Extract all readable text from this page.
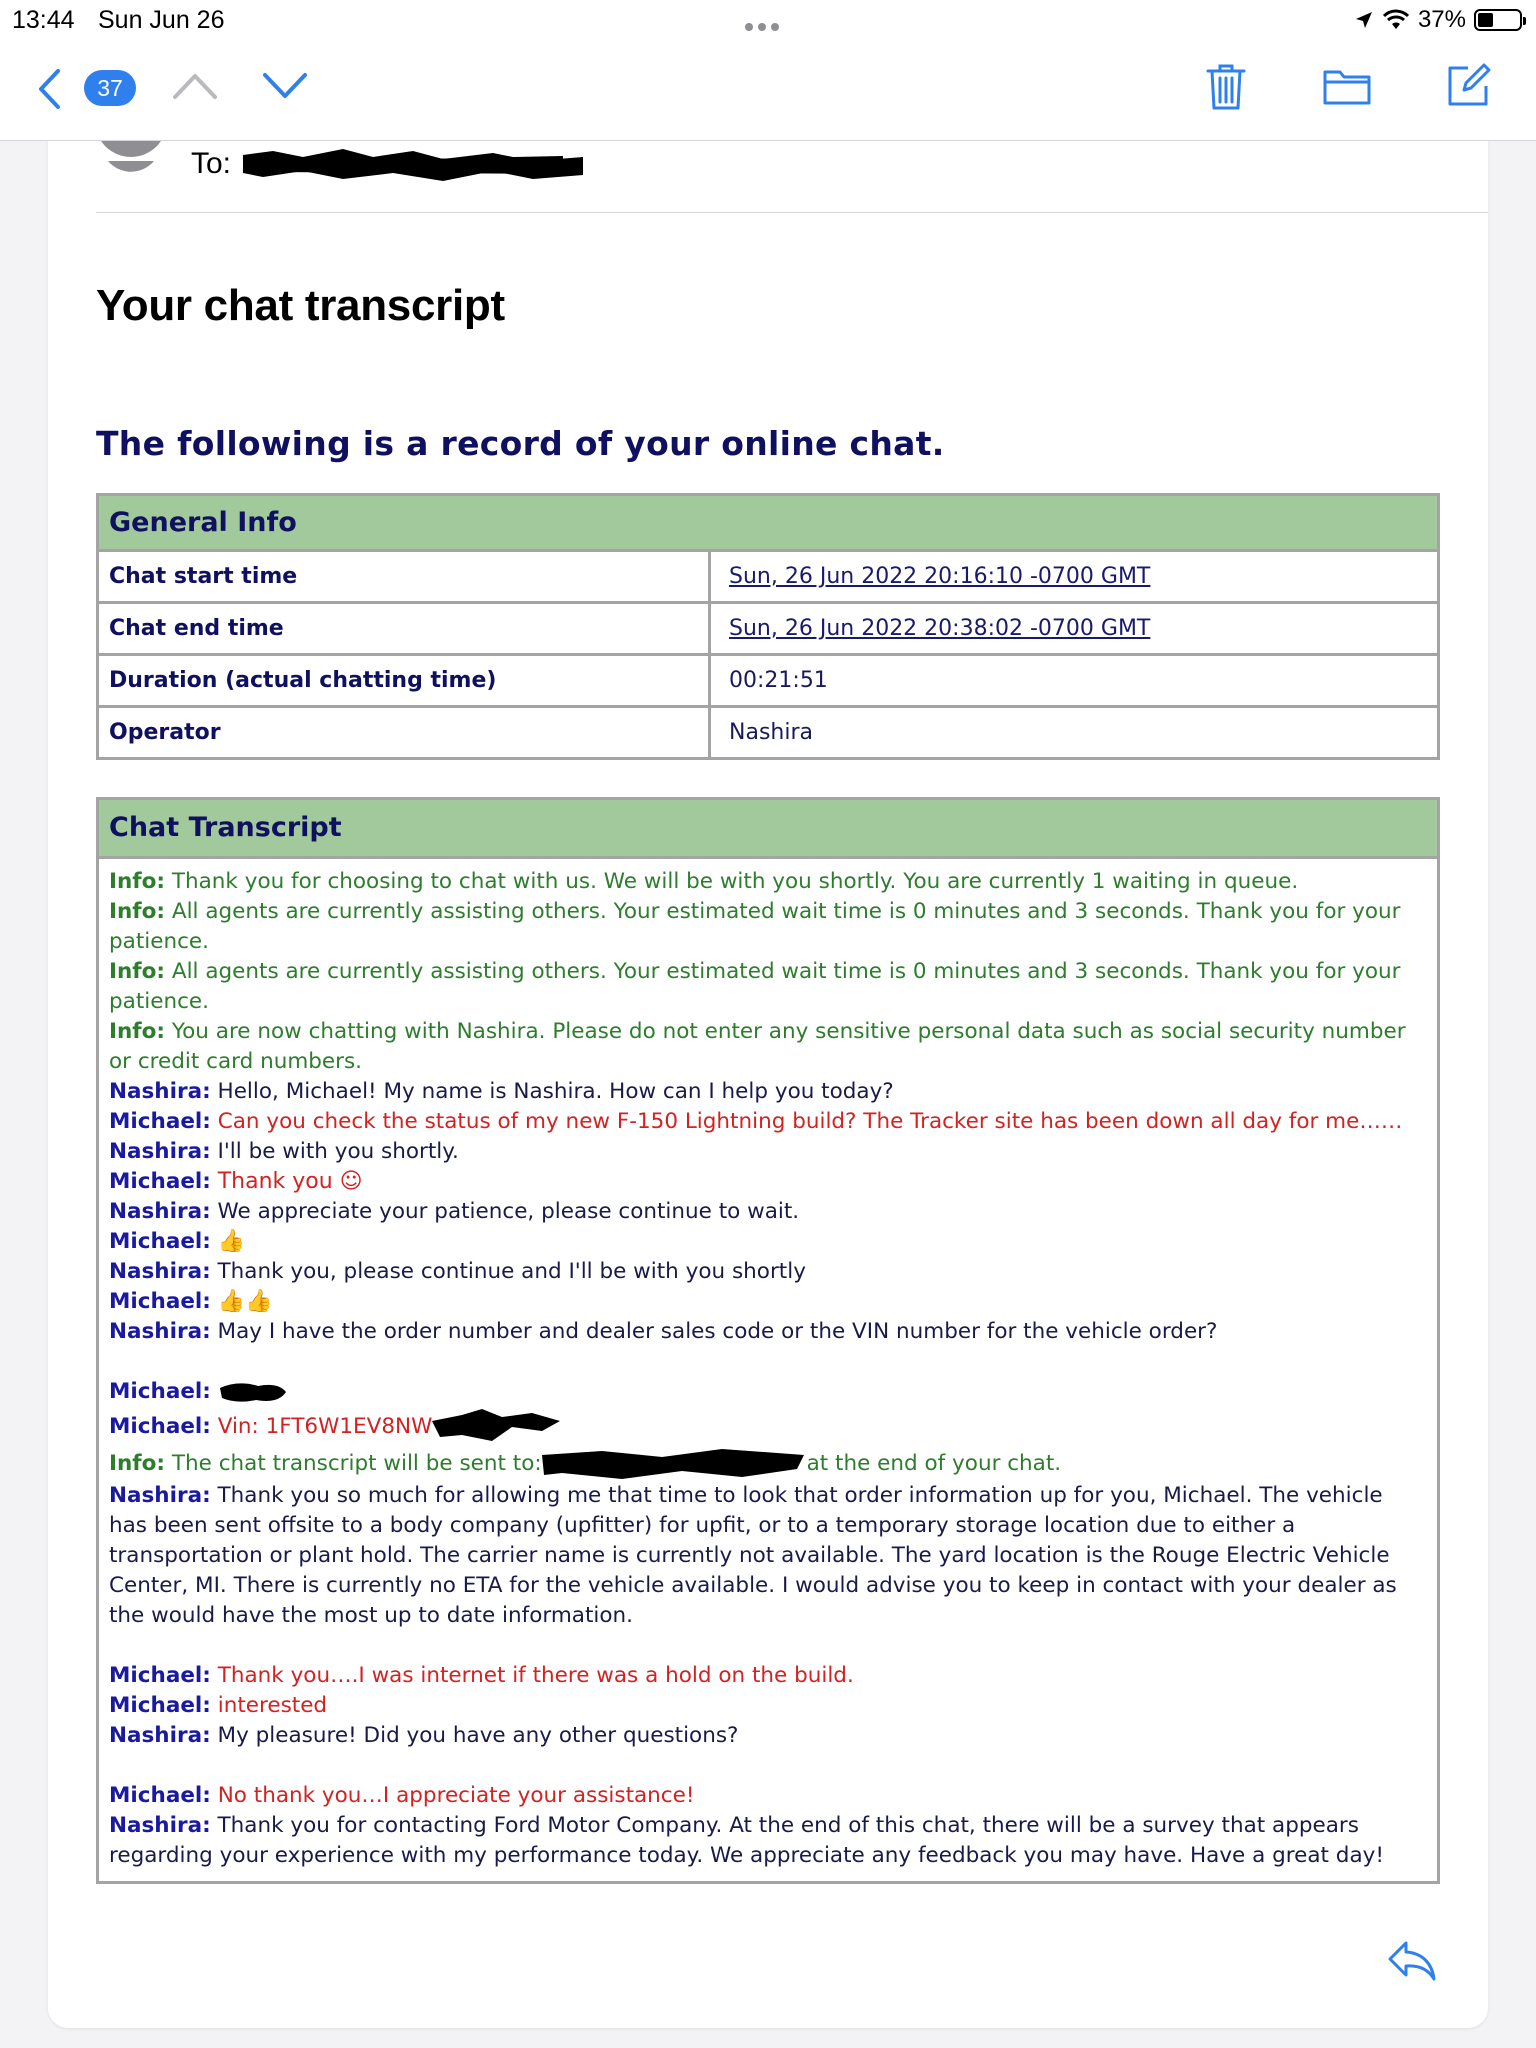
13:44 Sun Jun 26	37%
37
To:
Your chat transcript
The following is a record of your online chat.
General Info	
Chat start time	Sun, 26 Jun 2022 20:16:10 -0700 GMT
Chat end time	Sun, 26 Jun 2022 20:38:02 -0700 GMT
Duration (actual chatting time)	00:21:51
Operator	Nashira
Chat Transcript

Info: Thank you for choosing to chat with us. We will be with you shortly. You are currently 1 waiting in queue.

Info: All agents are currently assisting others. Your estimated wait time is 0 minutes and 3 seconds. Thank you for your patience.

Info: All agents are currently assisting others. Your estimated wait time is 0 minutes and 3 seconds. Thank you for your patience.

Info: You are now chatting with Nashira. Please do not enter any sensitive personal data such as social security number or credit card numbers.

Nashira: Hello, Michael! My name is Nashira. How can I help you today?

Michael: Can you check the status of my new F-150 Lightning build? The Tracker site has been down all day for me……

Nashira: I'll be with you shortly.

Michael: Thank you ☺

Nashira: We appreciate your patience, please continue to wait.

Michael: 👍

Nashira: Thank you, please continue and I'll be with you shortly

Michael: 👍👍

Nashira: May I have the order number and dealer sales code or the VIN number for the vehicle order?

Michael:

Michael: Vin: 1FT6W1EV8NW

Info: The chat transcript will be sent to:	at the end of your chat.

Nashira: Thank you so much for allowing me that time to look that order information up for you, Michael. The vehicle has been sent offsite to a body company (upfitter) for upfit, or to a temporary storage location due to either a transportation or plant hold. The carrier name is currently not available. The yard location is the Rouge Electric Vehicle Center, MI. There is currently no ETA for the vehicle available. I would advise you to keep in contact with your dealer as the would have the most up to date information.

Michael: Thank you….I was internet if there was a hold on the build.

Michael: interested

Nashira: My pleasure! Did you have any other questions?

Michael: No thank you…I appreciate your assistance!

Nashira: Thank you for contacting Ford Motor Company. At the end of this chat, there will be a survey that appears regarding your experience with my performance today. We appreciate any feedback you may have. Have a great day!
